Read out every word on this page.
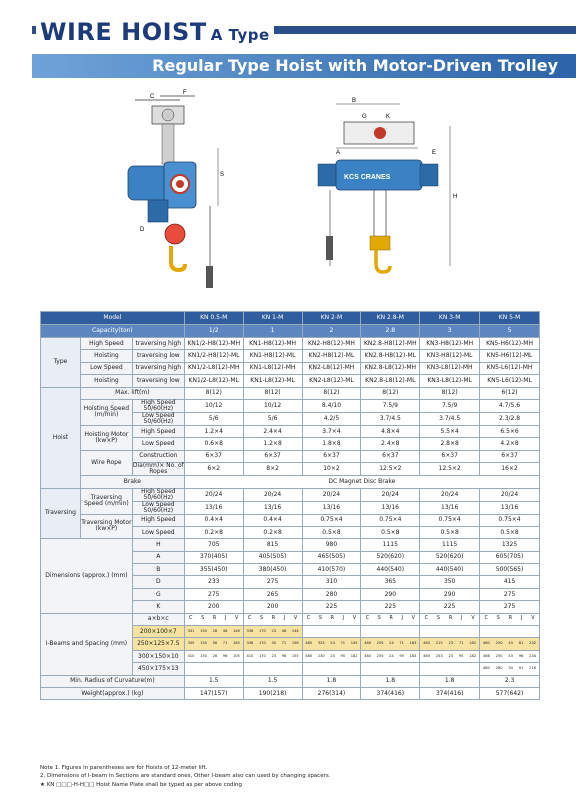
WIRE HOIST A Type
Regular Type Hoist with Motor-Driven Trolley
C
F
S
D
B
G	K
A	E
KCS CRANES
H
Model			KN 0.5-M	KN 1-M	KN 2-M	KN 2.8-M	KN 3-M	KN 5-M
Capacity(ton)			1/2	1	2	2.8	3	5
Type	High Speed	traversing high	KN1/2-H8(12)-MH	KN1-H8(12)-MH	KN2-H8(12)-MH	KN2.8-H8(12)-MH	KN3-H8(12)-MH	KN5-H6(12)-MH
	Hoisting	traversing low	KN1/2-H8(12)-ML	KN1-H8(12)-ML	KN2-H8(12)-ML	KN2.8-H8(12)-ML	KN3-H8(12)-ML	KN5-H6(12)-ML
	Low Speed	traversing high	KN1/2-L8(12)-MH	KN1-L8(12)-MH	KN2-L8(12)-MH	KN2.8-L8(12)-MH	KN3-L8(12)-MH	KN5-L6(12)-MH
	Hoisting	traversing low	KN1/2-L8(12)-ML	KN1-L8(12)-ML	KN2-L8(12)-ML	KN2.8-L8(12)-ML	KN3-L8(12)-ML	KN5-L6(12)-ML
Hoist	Max. lift(m)		8(12)	8(12)	8(12)	8(12)	8(12)	6(12)
	Hoisting Speed (m/min)	High Speed 50/60(Hz)	10/12	10/12	8.4/10	7.5/9	7.5/9	4.7/5.6
		Low Speed 50/60(Hz)	5/6	5/6	4.2/5	3.7/4.5	3.7/4.5	2.3/2.8
	Hoisting Motor (kw×P)	High Speed	1.2×4	2.4×4	3.7×4	4.8×4	5.5×4	6.5×6
		Low Speed	0.6×8	1.2×8	1.8×8	2.4×8	2.8×8	4.2×8
	Wire Rope	Construction	6×37	6×37	6×37	6×37	6×37	6×37
		Dia(mm)× No. of Ropes	6×2	8×2	10×2	12.5×2	12.5×2	16×2
	Brake		DC Magnet Disc Brake					
Traversing	Traversing Speed (m/min)	High Speed 50/60(Hz)	20/24	20/24	20/24	20/24	20/24	20/24
		Low Speed 50/60(Hz)	13/16	13/16	13/16	13/16	13/16	13/16
	Traversing Motor (kw×P)	High Speed	0.4×4	0.4×4	0.75×4	0.75×4	0.75×4	0.75×4
		Low Speed	0.2×8	0.2×8	0.5×8	0.5×8	0.5×8	0.5×8
Dimensions (approx.) (mm)		H	705	815	980	1115	1115	1325
		A	370(405)	405(505)	465(505)	520(620)	520(620)	605(705)
		B	355(450)	380(450)	410(570)	440(540)	440(540)	500(565)
		D	233	275	310	365	350	415
		G	275	265	280	290	290	275
		K	200	200	225	225	225	275
I-Beams and Spacing (mm)		a×b×c	C S R J V	C S R J V	C S R J V	C S R J V	C S R J V	C S R J V

		200×100×7	331 150 28 48 146	336 170 23 48 144				

		250×125×7.5	335 150 56 71 165	336 170 30 71 158	480 325 24 71 145	460 255 24 71 183	460 215 23 71 182	460 250 43 81 232

		300×150×10	410 150 28 96 105	410 170 23 96 155	480 230 24 95 182	460 255 24 95 183	460 253 23 95 182	466 250 43 96 234

		450×175×13						480 280 34 91 216

Min. Radius of Curvature(m)			1.5	1.5	1.8	1.8	1.8	2.3
Weight(approx.) (kg)			147(157)	190(218)	276(314)	374(416)	374(416)	577(642)
Note 1. Figures in parentheses are for Hoists of 12-meter lift.
2. Dimensions of I-beam in Sections are standard ones, Other I-beam also can used by changing spacers.
★ KN □□□-H-H□□ Hoist Name Plate shall be typed as per above coding
